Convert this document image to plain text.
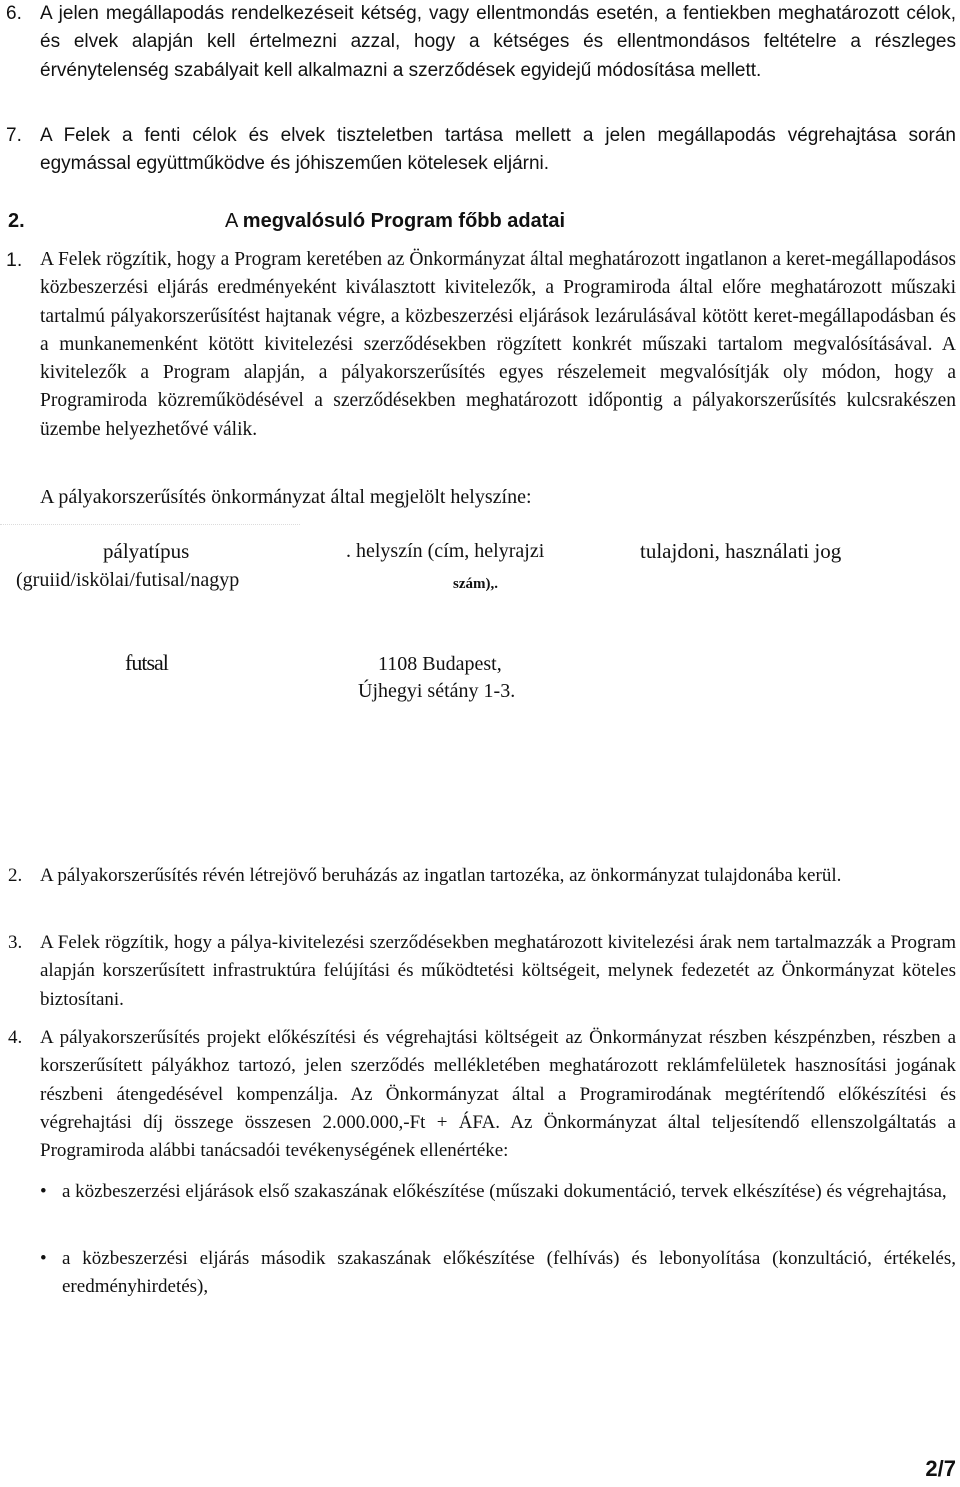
6. A jelen megállapodás rendelkezéseit kétség, vagy ellentmondás esetén, a fentiekben meghatározott célok, és elvek alapján kell értelmezni azzal, hogy a kétséges és ellentmondásos feltételre a részleges érvénytelenség szabályait kell alkalmazni a szerződések egyidejű módosítása mellett.
7. A Felek a fenti célok és elvek tiszteletben tartása mellett a jelen megállapodás végrehajtása során egymással együttműködve és jóhiszeműen kötelesek eljárni.
2.	A megvalósuló Program főbb adatai
1. A Felek rögzítik, hogy a Program keretében az Önkormányzat által meghatározott ingatlanon a keret-megállapodásos közbeszerzési eljárás eredményeként kiválasztott kivitelezők, a Programiroda által előre meghatározott műszaki tartalmú pályakorszerűsítést hajtanak végre, a közbeszerzési eljárások lezárulásával kötött keret-megállapodásban és a munkanemenként kötött kivitelezési szerződésekben rögzített konkrét műszaki tartalom megvalósításával. A kivitelezők a Program alapján, a pályakorszerűsítés egyes részelemeit megvalósítják oly módon, hogy a Programiroda közreműködésével a szerződésekben meghatározott időpontig a pályakorszerűsítés kulcsrakészen üzembe helyezhetővé válik.
A pályakorszerűsítés önkormányzat által megjelölt helyszíne:
pályatípus
(gruiid/iskölai/futisal/nagyp
. helyszín (cím, helyrajzi
szám),.
tulajdoni, használati jog
futsal	1108 Budapest,
Újhegyi sétány 1-3.
2. A pályakorszerűsítés révén létrejövő beruházás az ingatlan tartozéka, az önkormányzat tulajdonába kerül.
3. A Felek rögzítik, hogy a pálya-kivitelezési szerződésekben meghatározott kivitelezési árak nem tartalmazzák a Program alapján korszerűsített infrastruktúra felújítási és működtetési költségeit, melynek fedezetét az Önkormányzat köteles biztosítani.
4. A pályakorszerűsítés projekt előkészítési és végrehajtási költségeit az Önkormányzat részben készpénzben, részben a korszerűsített pályákhoz tartozó, jelen szerződés mellékletében meghatározott reklámfelületek hasznosítási jogának részbeni átengedésével kompenzálja. Az Önkormányzat által a Programirodának megtérítendő előkészítési és végrehajtási díj összege összesen 2.000.000,-Ft + ÁFA. Az Önkormányzat által teljesítendő ellenszolgáltatás a Programiroda alábbi tanácsadói tevékenységének ellenértéke:
• a közbeszerzési eljárások első szakaszának előkészítése (műszaki dokumentáció, tervek elkészítése) és végrehajtása,
• a közbeszerzési eljárás második szakaszának előkészítése (felhívás) és lebonyolítása (konzultáció, értékelés, eredményhirdetés),
2/7
